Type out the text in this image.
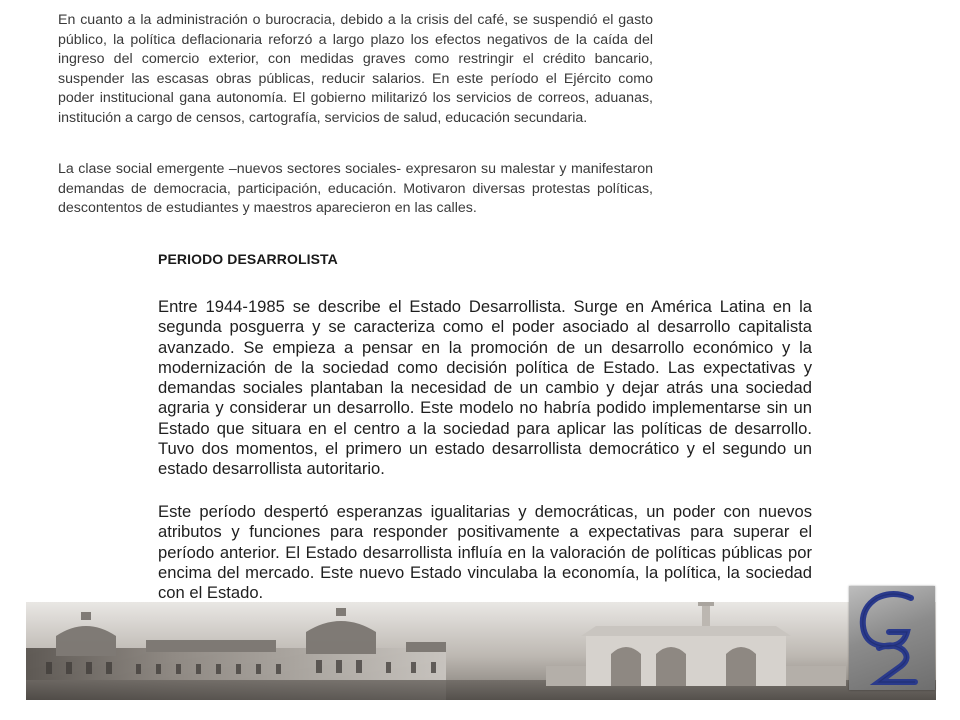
En cuanto a la administración o burocracia, debido a la crisis del café, se suspendió el gasto público, la política deflacionaria reforzó a largo plazo los efectos negativos de la caída del ingreso del comercio exterior, con medidas graves como restringir el crédito bancario, suspender las escasas obras públicas, reducir salarios. En este período el Ejército como poder institucional gana autonomía. El gobierno militarizó los servicios de correos, aduanas, institución a cargo de censos, cartografía, servicios de salud, educación secundaria.

La clase social emergente –nuevos sectores sociales- expresaron su malestar y manifestaron demandas de democracia, participación, educación. Motivaron diversas protestas políticas, descontentos de estudiantes y maestros aparecieron en las calles.

PERIODO DESARROLISTA

Entre 1944-1985 se describe el Estado Desarrollista. Surge en América Latina en la segunda posguerra y se caracteriza como el poder asociado al desarrollo capitalista avanzado. Se empieza a pensar en la promoción de un desarrollo económico y la modernización de la sociedad como decisión política de Estado. Las expectativas y demandas sociales plantaban la necesidad de un cambio y dejar atrás una sociedad agraria y considerar un desarrollo. Este modelo no habría podido implementarse sin un Estado que situara en el centro a la sociedad para aplicar las políticas de desarrollo. Tuvo dos momentos, el primero un estado desarrollista democrático y el segundo un estado desarrollista autoritario.

Este período despertó esperanzas igualitarias y democráticas, un poder con nuevos atributos y funciones para responder positivamente a expectativas para superar el período anterior. El Estado desarrollista influía en la valoración de políticas públicas por encima del mercado. Este nuevo Estado vinculaba la economía, la política, la sociedad con el Estado.
